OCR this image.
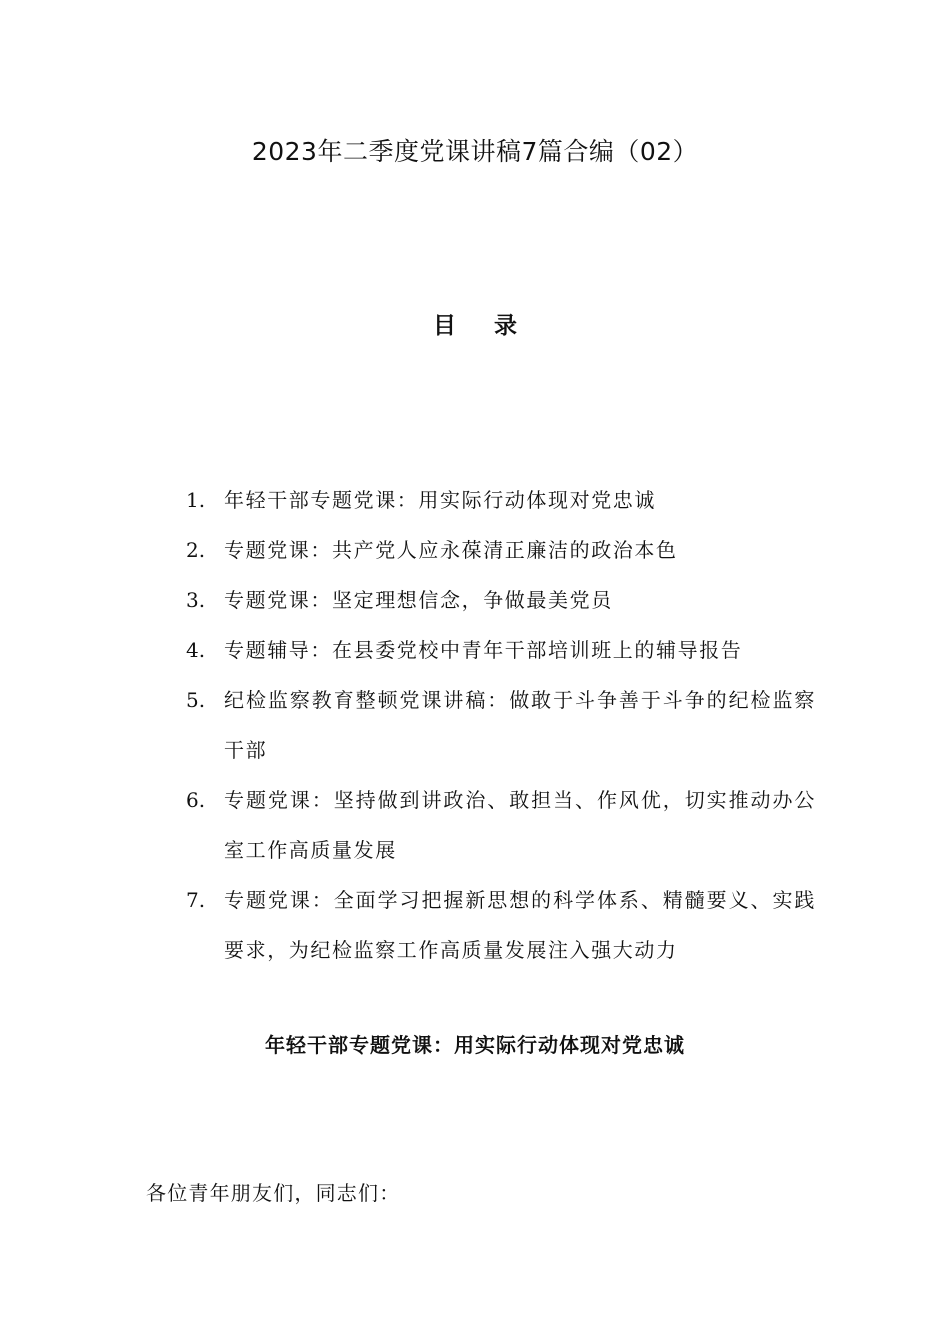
2023年二季度党课讲稿7篇合编（02）
目录
1. 年轻干部专题党课：用实际行动体现对党忠诚
2. 专题党课：共产党人应永葆清正廉洁的政治本色
3. 专题党课：坚定理想信念，争做最美党员
4. 专题辅导：在县委党校中青年干部培训班上的辅导报告
5. 纪检监察教育整顿党课讲稿：做敢于斗争善于斗争的纪检监察干部
6. 专题党课：坚持做到讲政治、敢担当、作风优，切实推动办公室工作高质量发展
7. 专题党课：全面学习把握新思想的科学体系、精髓要义、实践要求，为纪检监察工作高质量发展注入强大动力
年轻干部专题党课：用实际行动体现对党忠诚
各位青年朋友们，同志们：
